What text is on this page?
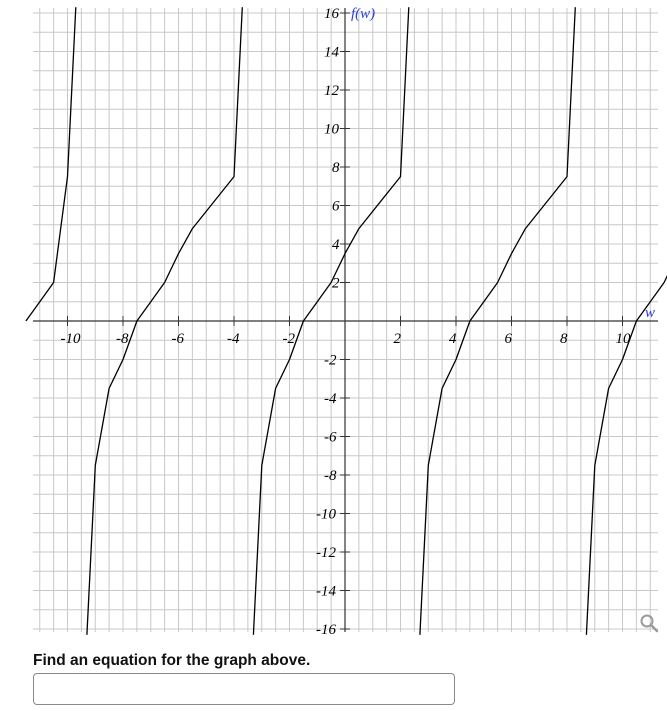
-10 -8	-6	-4	-2	2	4	6	8	10
16
14
12
10
8
6
4
2
-2
-4
-6
-8
-10
-12
-14
-16
f(w)
w
Find an equation for the graph above.
